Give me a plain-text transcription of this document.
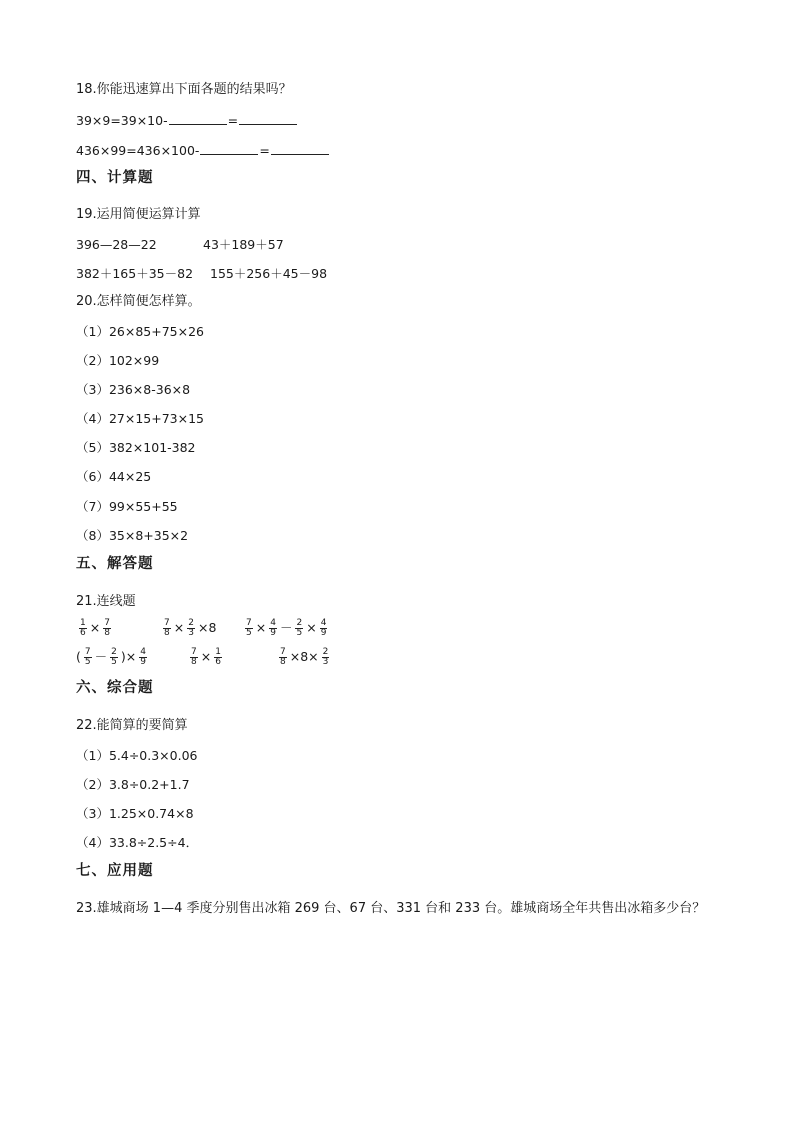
18.你能迅速算出下面各题的结果吗？
39×9=39×10-	=
436×99=436×100-	=
四、计算题
19.运用简便运算计算
396—28—22	43＋189＋57
382＋165＋35－82 155＋256＋45－98
20.怎样简便怎样算。
（1）26×85+75×26
（2）102×99
（3）236×8-36×8
（4）27×15+73×15
（5）382×101-382
（6）44×25
（7）99×55+55
（8）35×8+35×2
五、解答题
21.连线题
$\frac{1}{6} \times \frac{7}{8}$	$\frac{7}{8} \times \frac{2}{3} \times 8$	$\frac{7}{5} \times \frac{4}{9} - \frac{2}{5} \times \frac{4}{9}$
( $\frac{7}{5} - \frac{2}{5}$ )× $\frac{4}{9}$	$\frac{7}{8} \times \frac{1}{6}$	$\frac{7}{8} \times 8\times \frac{2}{3}$
六、综合题
22.能简算的要简算
（1）5.4÷0.3×0.06
（2）3.8÷0.2+1.7
（3）1.25×0.74×8
（4）33.8÷2.5÷4．
七、应用题
23.雄城商场 1—4 季度分别售出冰箱 269 台、67 台、331 台和 233 台。雄城商场全年共售出冰箱多少台？
